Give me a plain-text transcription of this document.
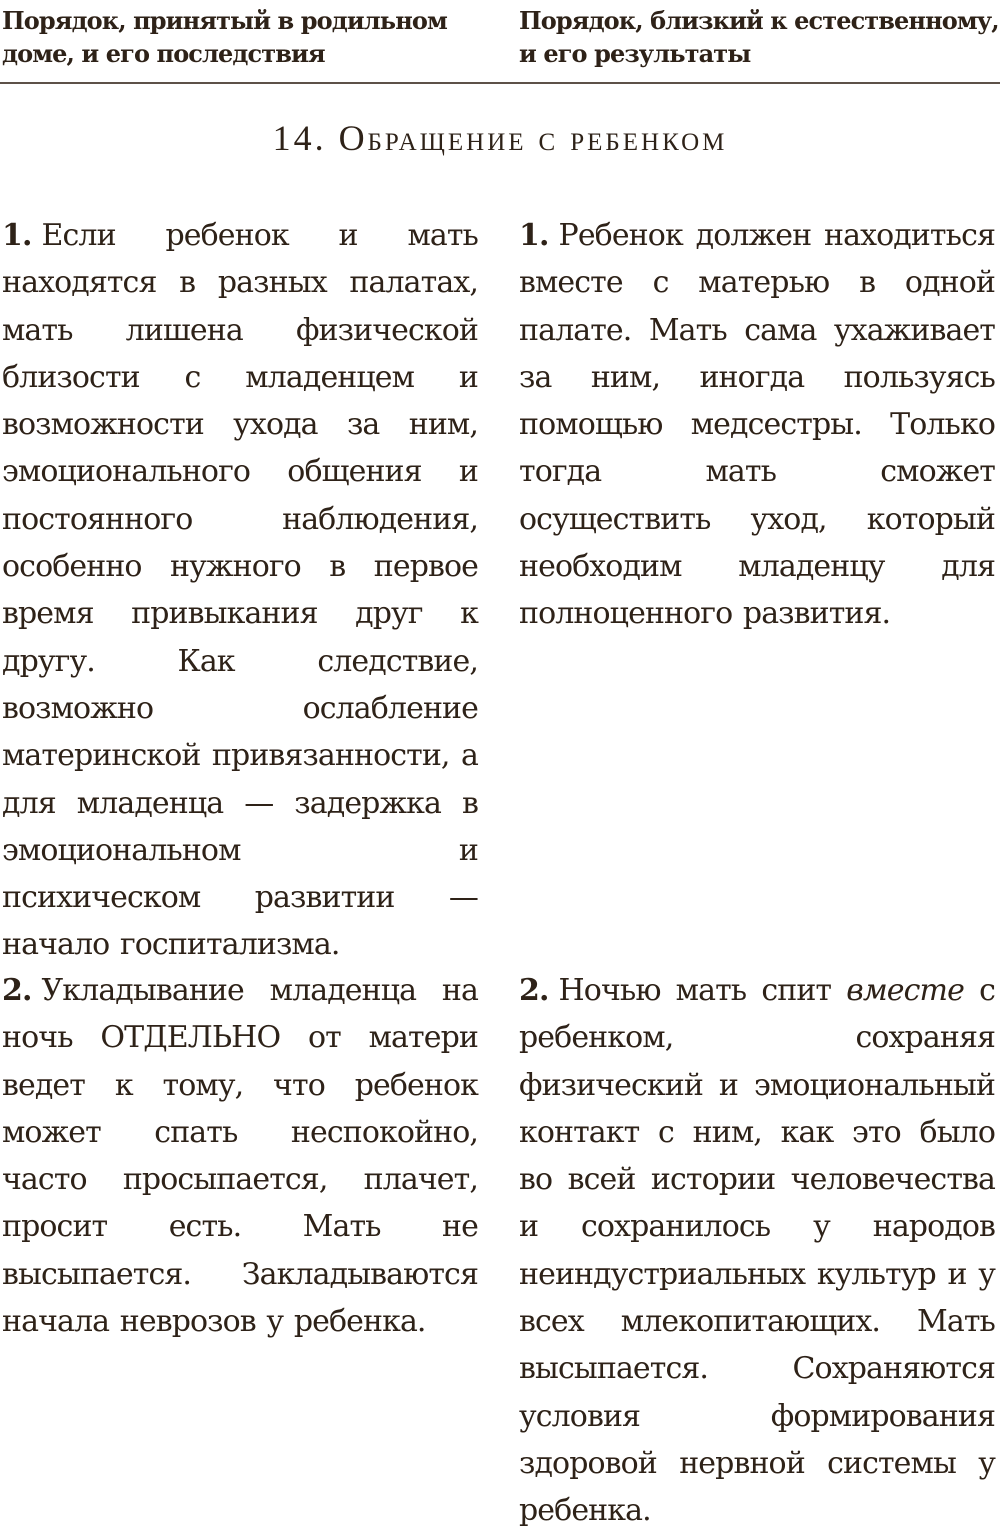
Порядок, принятый в родильном
доме, и его последствия
Порядок, близкий к естественному,
и его результаты
14. Обращение с ребенком

1. Если ребенок и мать находятся в разных палатах, мать лишена физической близости с младенцем и возможности ухода за ним, эмоционального общения и постоянного наблюдения, особенно нужного в первое время привыкания друг к другу. Как следствие, возможно ослабление материнской привязанности, а для младенца — задержка в эмоциональном и психическом развитии — начало госпитализма.

1. Ребенок должен находиться вместе с матерью в одной палате. Мать сама ухаживает за ним, иногда пользуясь помощью медсестры. Только тогда мать сможет осуществить уход, который необходим младенцу для полноценного развития.

2. Укладывание младенца на ночь ОТДЕЛЬНО от матери ведет к тому, что ребенок может спать неспокойно, часто просыпается, плачет, просит есть. Мать не высыпается. Закладываются начала неврозов у ребенка.

2. Ночью мать спит вместе с ребенком, сохраняя физический и эмоциональный контакт с ним, как это было во всей истории человечества и сохранилось у народов неиндустриальных культур и у всех млекопитающих. Мать высыпается. Сохраняются условия формирования здоровой нервной системы у ребенка.
